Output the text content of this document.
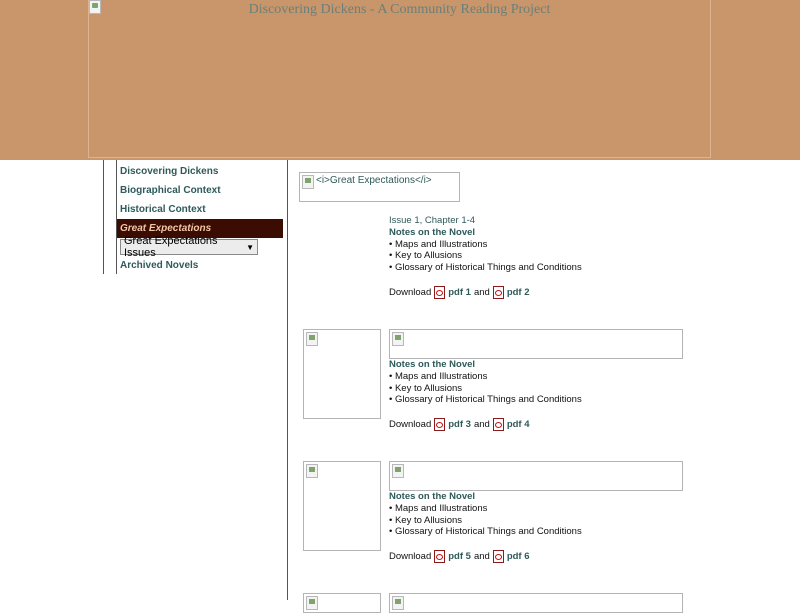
Discovering Dickens - A Community Reading Project
Discovering Dickens
Biographical Context
Historical Context
Great Expectations
Great Expectations Issues	▼
Archived Novels
<i>Great Expectations</i>
Issue 1, Chapter 1-4
Notes on the Novel
• Maps and Illustrations
• Key to Allusions
• Glossary of Historical Things and Conditions
Download pdf 1 and pdf 2
Notes on the Novel
• Maps and Illustrations
• Key to Allusions
• Glossary of Historical Things and Conditions
Download pdf 3 and pdf 4
Notes on the Novel
• Maps and Illustrations
• Key to Allusions
• Glossary of Historical Things and Conditions
Download pdf 5 and pdf 6
